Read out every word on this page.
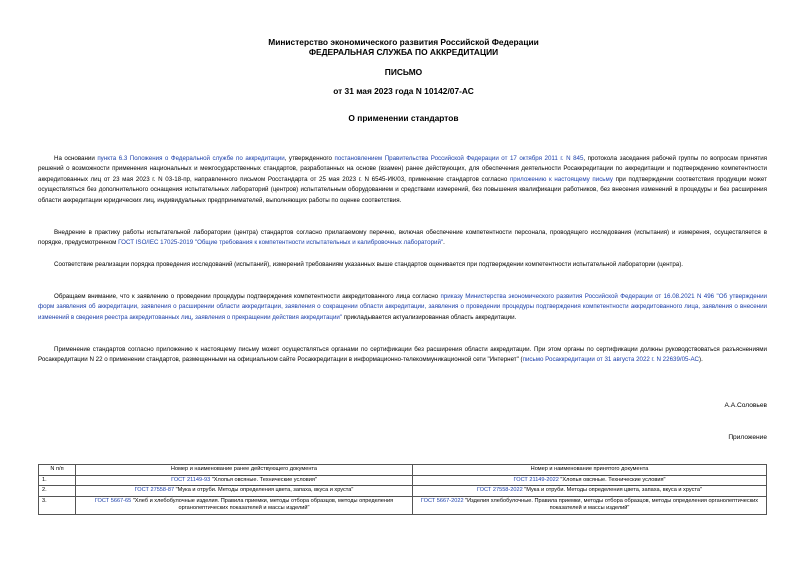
Министерство экономического развития Российской Федерации
ФЕДЕРАЛЬНАЯ СЛУЖБА ПО АККРЕДИТАЦИИ
ПИСЬМО
от 31 мая 2023 года N 10142/07-АС
О применении стандартов
На основании пункта 6.3 Положения о Федеральной службе по аккредитации, утвержденного постановлением Правительства Российской Федерации от 17 октября 2011 г. N 845, протокола заседания рабочей группы по вопросам принятия решений о возможности применения национальных и межгосударственных стандартов, разработанных на основе (взамен) ранее действующих, для обеспечения деятельности Росаккредитации по аккредитации и подтверждению компетентности аккредитованных лиц от 23 мая 2023 г. N 03-18-пр, направленного письмом Росстандарта от 25 мая 2023 г. N 6545-ИК/03, применение стандартов согласно приложению к настоящему письму при подтверждении соответствия продукции может осуществляться без дополнительного оснащения испытательных лабораторий (центров) испытательным оборудованием и средствами измерений, без повышения квалификации работников, без внесения изменений в процедуры и без расширения области аккредитации юридических лиц, индивидуальных предпринимателей, выполняющих работы по оценке соответствия.
Внедрение в практику работы испытательной лаборатории (центра) стандартов согласно прилагаемому перечню, включая обеспечение компетентности персонала, проводящего исследования (испытания) и измерения, осуществляется в порядке, предусмотренном ГОСТ ISO/IEC 17025-2019 "Общие требования к компетентности испытательных и калибровочных лабораторий".
Соответствие реализации порядка проведения исследований (испытаний), измерений требованиям указанных выше стандартов оценивается при подтверждении компетентности испытательной лаборатории (центра).
Обращаем внимание, что к заявлению о проведении процедуры подтверждения компетентности аккредитованного лица согласно приказу Министерства экономического развития Российской Федерации от 16.08.2021 N 496 "Об утверждении форм заявления об аккредитации, заявления о расширении области аккредитации, заявления о сокращении области аккредитации, заявления о проведении процедуры подтверждения компетентности аккредитованного лица, заявления о внесении изменений в сведения реестра аккредитованных лиц, заявления о прекращении действия аккредитации" прикладывается актуализированная область аккредитации.
Применение стандартов согласно приложению к настоящему письму может осуществляться органами по сертификации без расширения области аккредитации. При этом органы по сертификации должны руководствоваться разъяснениями Росаккредитации N 22 о применении стандартов, размещенными на официальном сайте Росаккредитации в информационно-телекоммуникационной сети "Интернет" (письмо Росаккредитации от 31 августа 2022 г. N 22639/05-АС).
А.А.Соловьев
Приложение
N п/п	Номер и наименование ранее действующего документа	Номер и наименование принятого документа
1.	ГОСТ 21149-93 "Хлопья овсяные. Технические условия"	ГОСТ 21149-2022 "Хлопья овсяные. Технические условия"
2.	ГОСТ 27558-87 "Мука и отруби. Методы определения цвета, запаха, вкуса и хруста"	ГОСТ 27558-2022 "Мука и отруби. Методы определения цвета, запаха, вкуса и хруста"
3.	ГОСТ 5667-65 "Хлеб и хлебобулочные изделия. Правила приемки, методы отбора образцов, методы определения органолептических показателей и массы изделий"	ГОСТ 5667-2022 "Изделия хлебобулочные. Правила приемки, методы отбора образцов, методы определения органолептических показателей и массы изделий"
